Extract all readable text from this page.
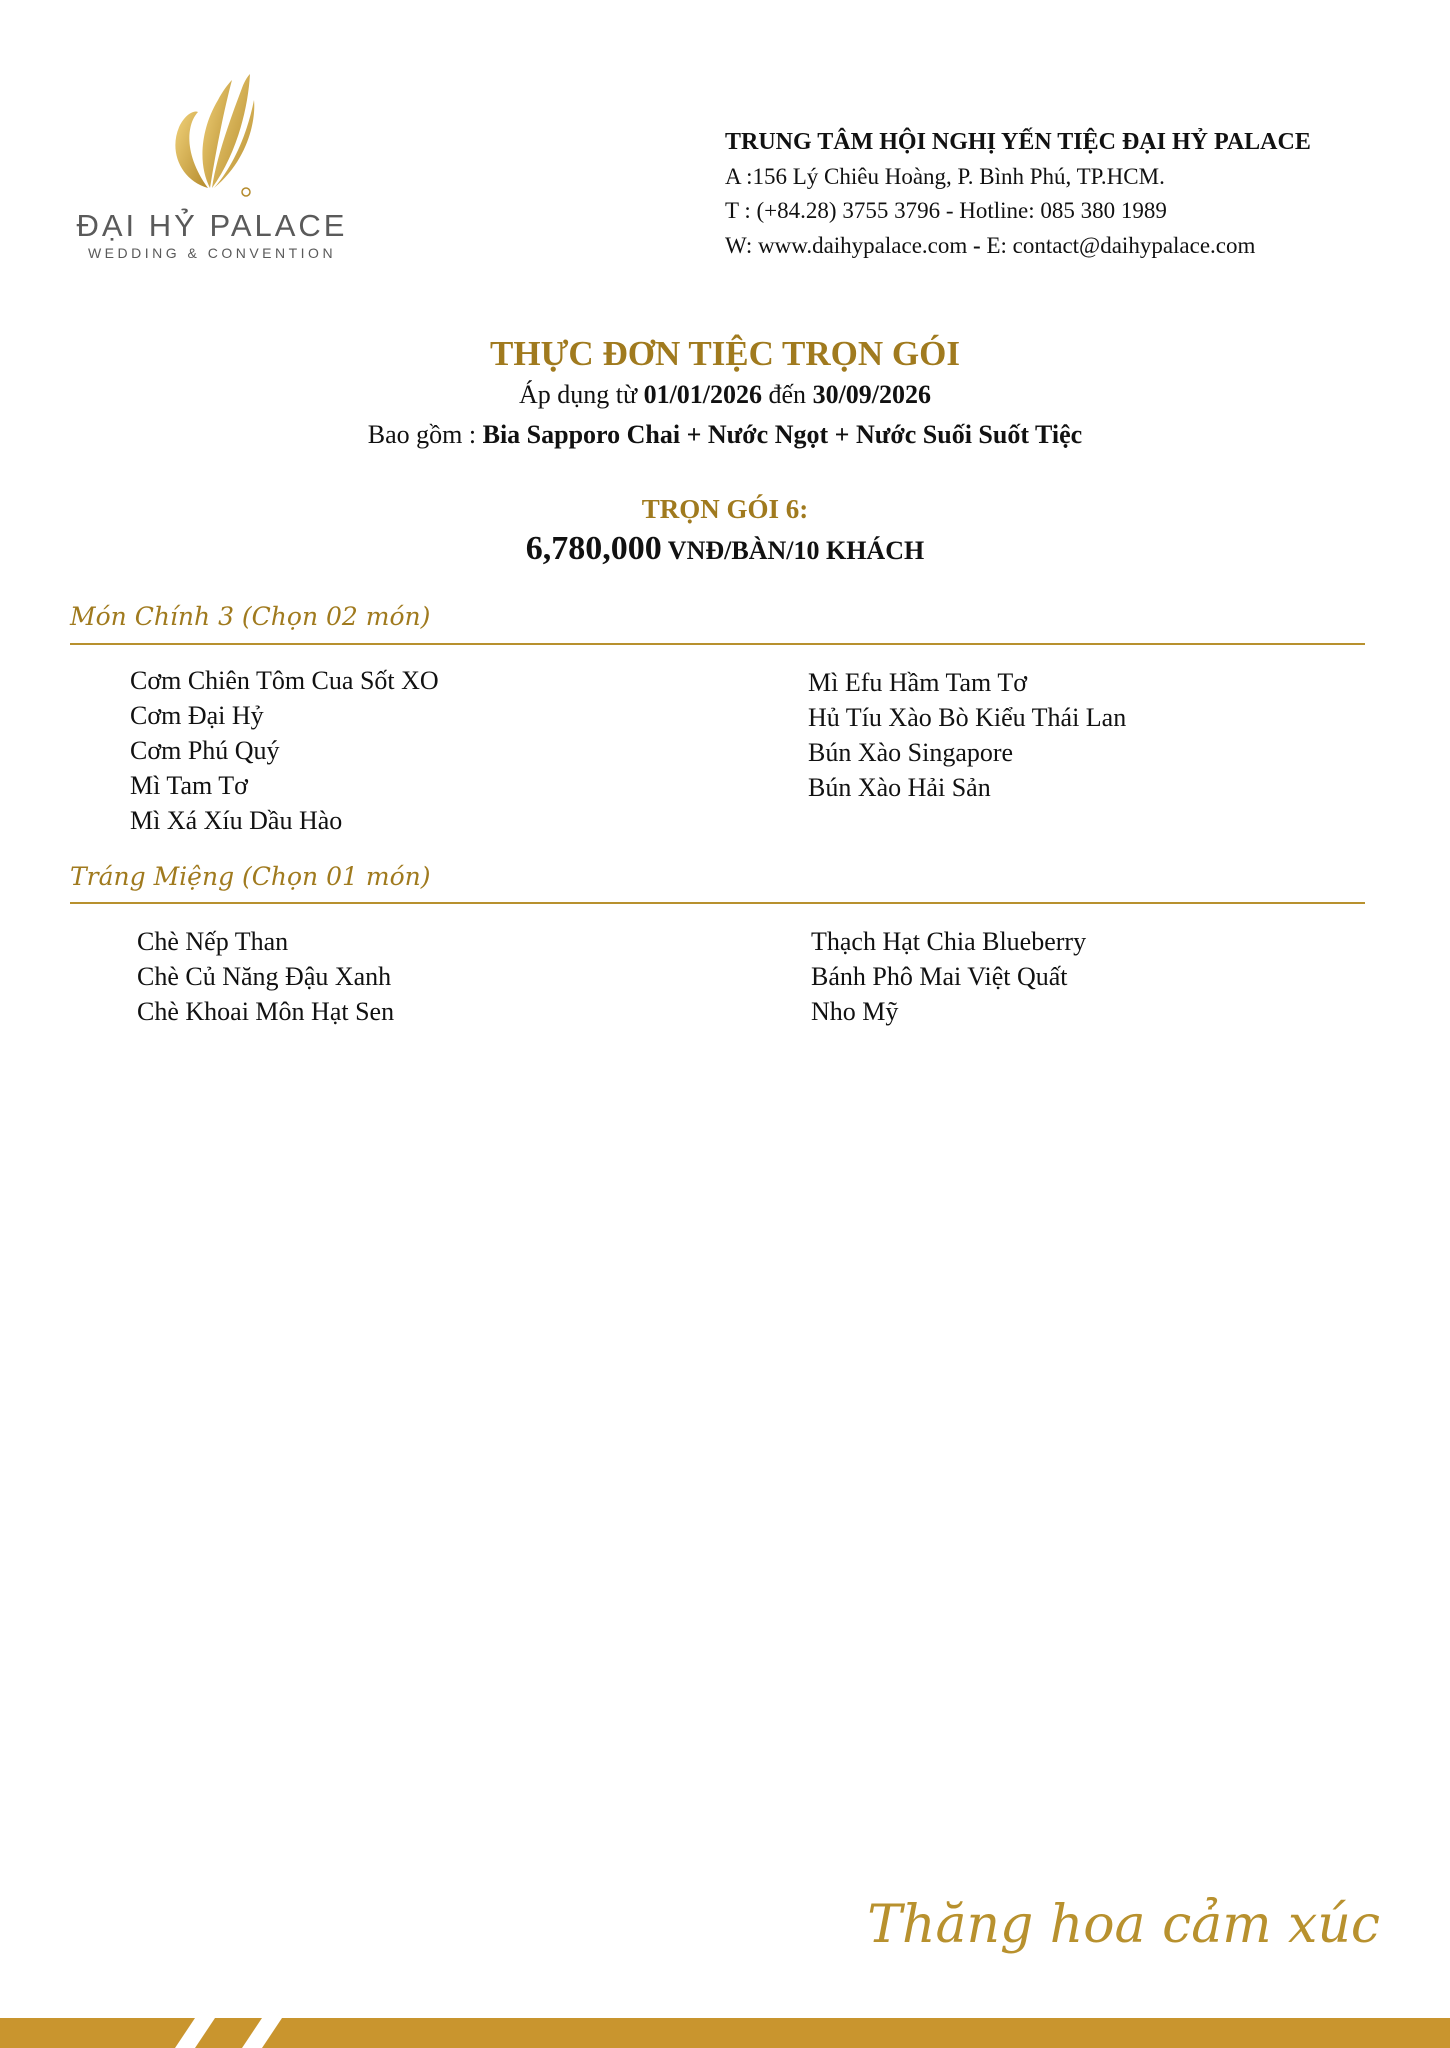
ĐẠI HỶ PALACE
WEDDING & CONVENTION
TRUNG TÂM HỘI NGHỊ YẾN TIỆC ĐẠI HỶ PALACE
A :156 Lý Chiêu Hoàng, P. Bình Phú, TP.HCM.
T : (+84.28) 3755 3796 - Hotline: 085 380 1989
W: www.daihypalace.com - E: contact@daihypalace.com
THỰC ĐƠN TIỆC TRỌN GÓI
Áp dụng từ 01/01/2026 đến 30/09/2026
Bao gồm : Bia Sapporo Chai + Nước Ngọt + Nước Suối Suốt Tiệc
TRỌN GÓI 6:
6,780,000 VNĐ/BÀN/10 KHÁCH
Món Chính 3 (Chọn 02 món)
Cơm Chiên Tôm Cua Sốt XO
Cơm Đại Hỷ
Cơm Phú Quý
Mì Tam Tơ
Mì Xá Xíu Dầu Hào
Mì Efu Hầm Tam Tơ
Hủ Tíu Xào Bò Kiểu Thái Lan
Bún Xào Singapore
Bún Xào Hải Sản
Tráng Miệng (Chọn 01 món)
Chè Nếp Than
Chè Củ Năng Đậu Xanh
Chè Khoai Môn Hạt Sen
Thạch Hạt Chia Blueberry
Bánh Phô Mai Việt Quất
Nho Mỹ
Thăng hoa cảm xúc
